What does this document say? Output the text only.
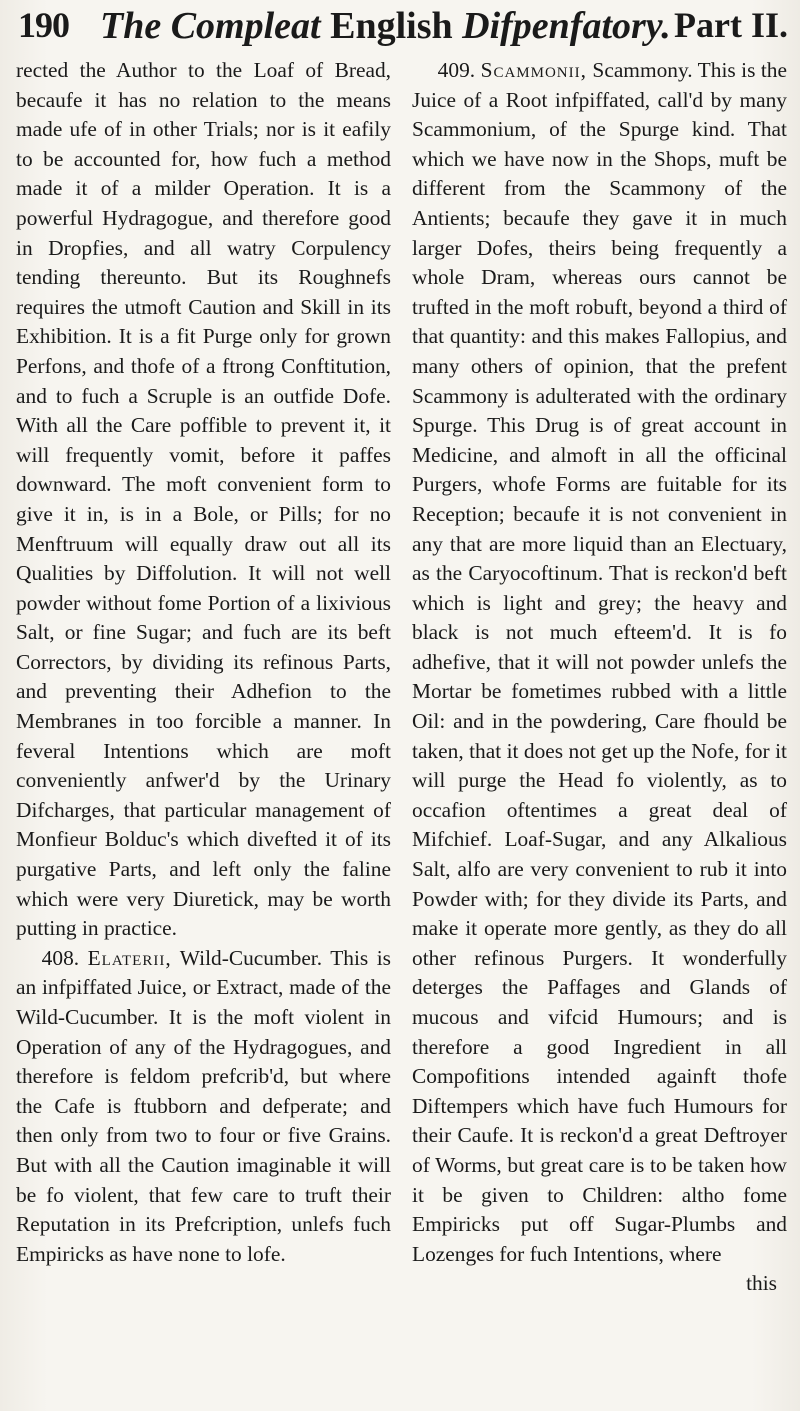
190 The Compleat English Difpenfatory. Part II.

rected the Author to the Loaf of Bread, becaufe it has no relation to the means made ufe of in other Trials; nor is it eafily to be accounted for, how fuch a method made it of a milder Operation. It is a powerful Hydragogue, and therefore good in Dropfies, and all watry Corpulency tending thereunto. But its Roughnefs requires the utmoft Caution and Skill in its Exhibition. It is a fit Purge only for grown Perfons, and thofe of a ftrong Conftitution, and to fuch a Scruple is an outfide Dofe. With all the Care poffible to prevent it, it will frequently vomit, before it paffes downward. The moft convenient form to give it in, is in a Bole, or Pills; for no Menftruum will equally draw out all its Qualities by Diffolution. It will not well powder without fome Portion of a lixivious Salt, or fine Sugar; and fuch are its beft Correctors, by dividing its refinous Parts, and preventing their Adhefion to the Membranes in too forcible a manner. In feveral Intentions which are moft conveniently anfwer'd by the Urinary Difcharges, that particular management of Monfieur Bolduc's which divefted it of its purgative Parts, and left only the faline which were very Diuretick, may be worth putting in practice.

408. Elaterii, Wild-Cucumber. This is an infpiffated Juice, or Extract, made of the Wild-Cucumber. It is the moft violent in Operation of any of the Hydragogues, and therefore is feldom prefcrib'd, but where the Cafe is ftubborn and defperate; and then only from two to four or five Grains. But with all the Caution imaginable it will be fo violent, that few care to truft their Reputation in its Prefcription, unlefs fuch Empiricks as have none to lofe.

409. Scammonii, Scammony. This is the Juice of a Root infpiffated, call'd by many Scammonium, of the Spurge kind. That which we have now in the Shops, muft be different from the Scammony of the Antients; becaufe they gave it in much larger Dofes, theirs being frequently a whole Dram, whereas ours cannot be trufted in the moft robuft, beyond a third of that quantity: and this makes Fallopius, and many others of opinion, that the prefent Scammony is adulterated with the ordinary Spurge. This Drug is of great account in Medicine, and almoft in all the officinal Purgers, whofe Forms are fuitable for its Reception; becaufe it is not convenient in any that are more liquid than an Electuary, as the Caryocoftinum. That is reckon'd beft which is light and grey; the heavy and black is not much efteem'd. It is fo adhefive, that it will not powder unlefs the Mortar be fometimes rubbed with a little Oil: and in the powdering, Care fhould be taken, that it does not get up the Nofe, for it will purge the Head fo violently, as to occafion oftentimes a great deal of Mifchief. Loaf-Sugar, and any Alkalious Salt, alfo are very convenient to rub it into Powder with; for they divide its Parts, and make it operate more gently, as they do all other refinous Purgers. It wonderfully deterges the Paffages and Glands of mucous and vifcid Humours; and is therefore a good Ingredient in all Compofitions intended againft thofe Diftempers which have fuch Humours for their Caufe. It is reckon'd a great Deftroyer of Worms, but great care is to be taken how it be given to Children: altho fome Empiricks put off Sugar-Plumbs and Lozenges for fuch Intentions, where

this
